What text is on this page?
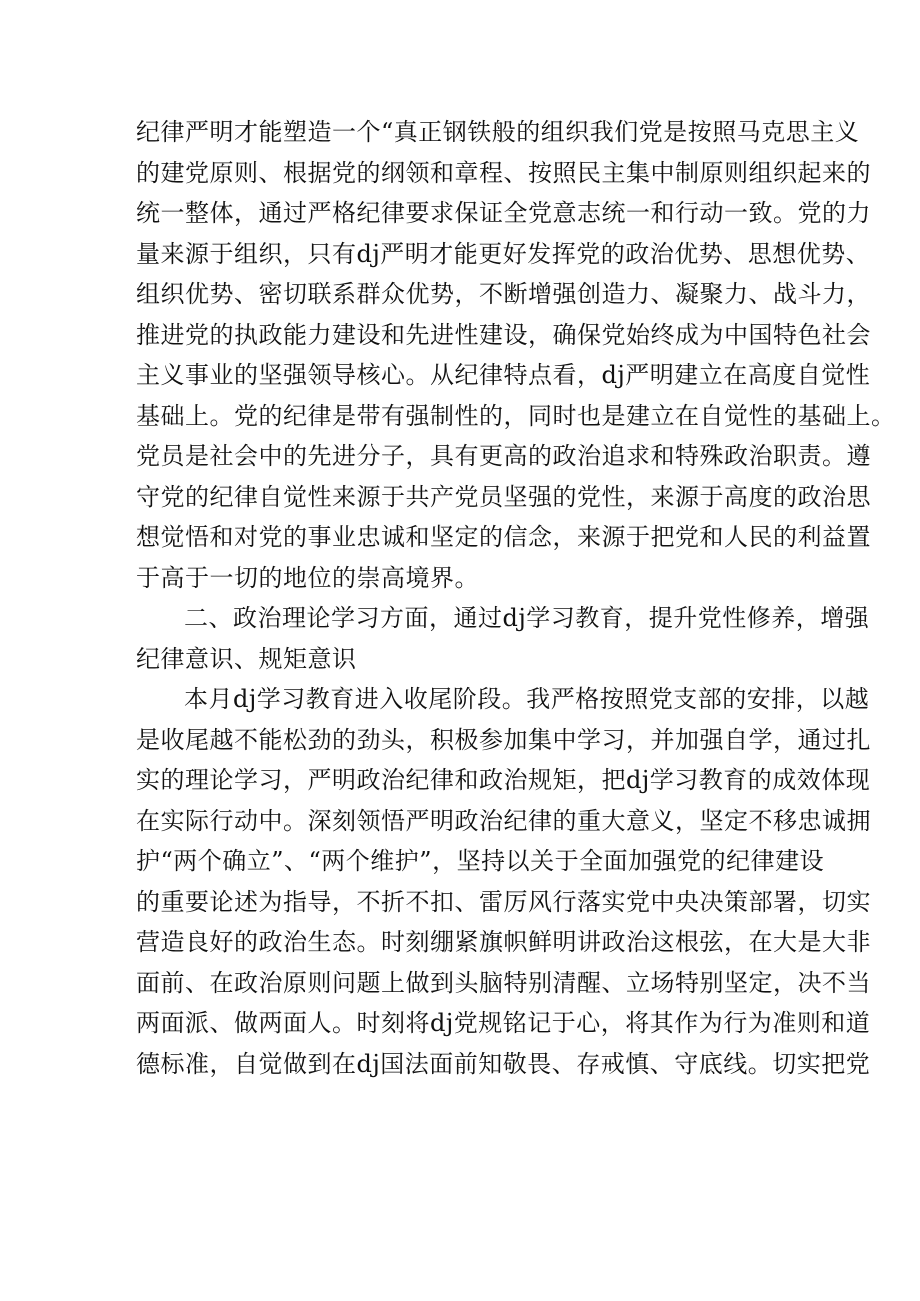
纪律严明才能塑造一个“真正钢铁般的组织我们党是按照马克思主义
的建党原则、根据党的纲领和章程、按照民主集中制原则组织起来的
统一整体，通过严格纪律要求保证全党意志统一和行动一致。党的力
量来源于组织，只有dj严明才能更好发挥党的政治优势、思想优势、
组织优势、密切联系群众优势，不断增强创造力、凝聚力、战斗力，
推进党的执政能力建设和先进性建设，确保党始终成为中国特色社会
主义事业的坚强领导核心。从纪律特点看，dj严明建立在高度自觉性
基础上。党的纪律是带有强制性的，同时也是建立在自觉性的基础上。
党员是社会中的先进分子，具有更高的政治追求和特殊政治职责。遵
守党的纪律自觉性来源于共产党员坚强的党性，来源于高度的政治思
想觉悟和对党的事业忠诚和坚定的信念，来源于把党和人民的利益置
于高于一切的地位的崇高境界。
二、政治理论学习方面，通过dj学习教育，提升党性修养，增强
纪律意识、规矩意识
本月dj学习教育进入收尾阶段。我严格按照党支部的安排，以越
是收尾越不能松劲的劲头，积极参加集中学习，并加强自学，通过扎
实的理论学习，严明政治纪律和政治规矩，把dj学习教育的成效体现
在实际行动中。深刻领悟严明政治纪律的重大意义，坚定不移忠诚拥
护“两个确立”、“两个维护”，坚持以关于全面加强党的纪律建设
的重要论述为指导，不折不扣、雷厉风行落实党中央决策部署，切实
营造良好的政治生态。时刻绷紧旗帜鲜明讲政治这根弦，在大是大非
面前、在政治原则问题上做到头脑特别清醒、立场特别坚定，决不当
两面派、做两面人。时刻将dj党规铭记于心，将其作为行为准则和道
德标准，自觉做到在dj国法面前知敬畏、存戒慎、守底线。切实把党
